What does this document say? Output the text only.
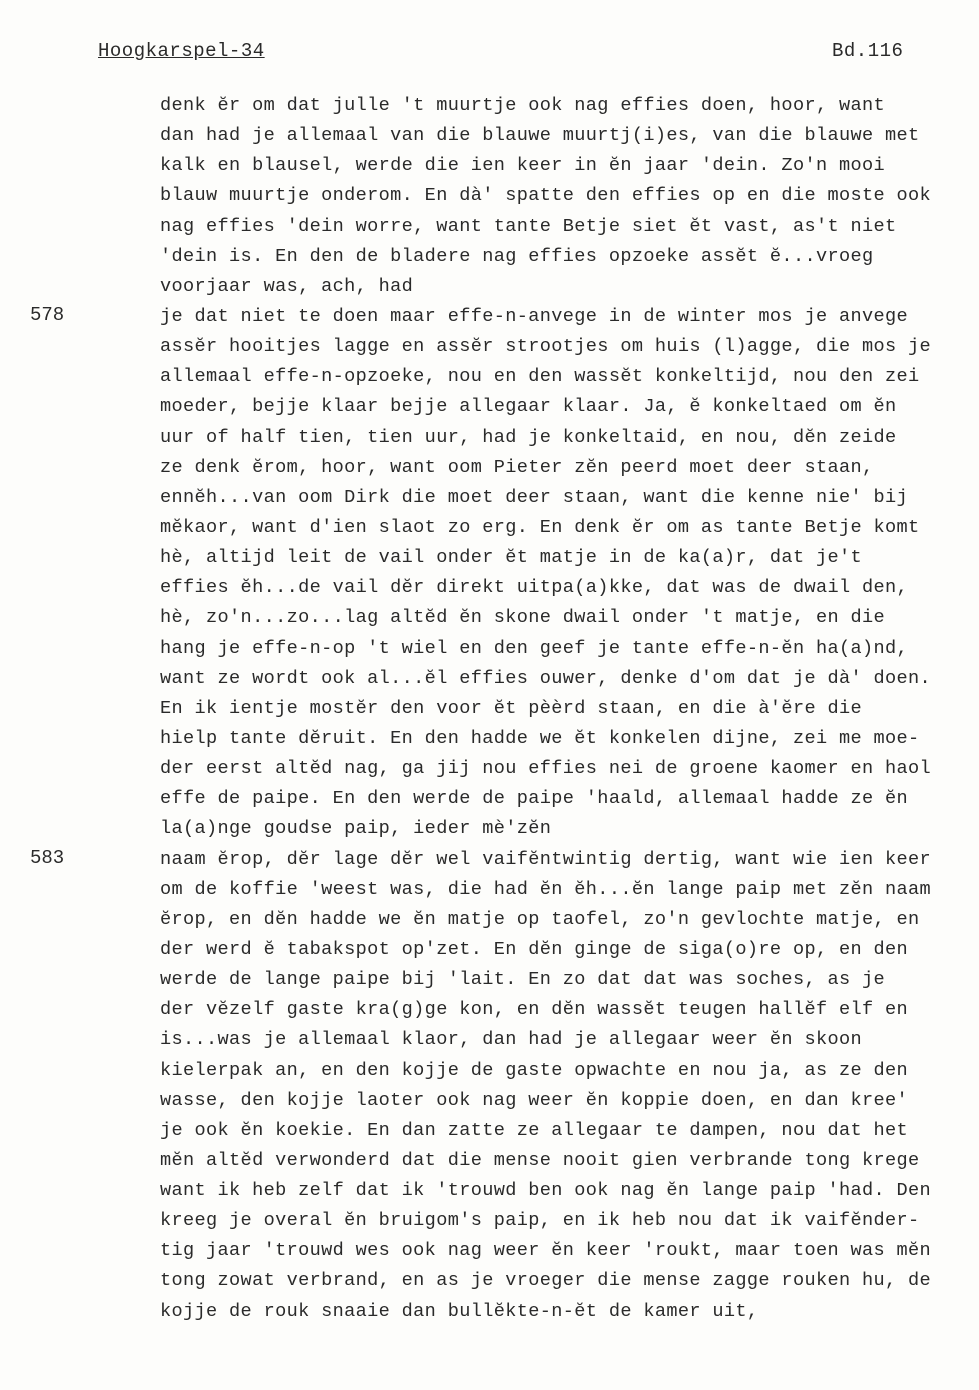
Hoogkarspel-34	Bd.116
578
583
denk ĕr om dat julle 't muurtje ook nag effies doen, hoor, want
dan had je allemaal van die blauwe muurtj(i)es, van die blauwe met
kalk en blausel, werde die ien keer in ĕn jaar 'dein. Zo'n mooi
blauw muurtje onderom. En dà' spatte den effies op en die moste ook
nag effies 'dein worre, want tante Betje siet ĕt vast, as't niet
'dein is. En den de bladere nag effies opzoeke assĕt ĕ...vroeg
voorjaar was, ach, had
je dat niet te doen maar effe-n-anvege in de winter mos je anvege
assĕr hooitjes lagge en assĕr strootjes om huis (l)agge, die mos je
allemaal effe-n-opzoeke, nou en den wassĕt konkeltijd, nou den zei
moeder, bejje klaar bejje allegaar klaar. Ja, ĕ konkeltaed om ĕn
uur of half tien, tien uur, had je konkeltaid, en nou, dĕn zeide
ze denk ĕrom, hoor, want oom Pieter zĕn peerd moet deer staan,
ennĕh...van oom Dirk die moet deer staan, want die kenne nie' bij
mĕkaor, want d'ien slaot zo erg. En denk ĕr om as tante Betje komt
hè, altijd leit de vail onder ĕt matje in de ka(a)r, dat je't
effies ĕh...de vail dĕr direkt uitpa(a)kke, dat was de dwail den,
hè, zo'n...zo...lag altĕd ĕn skone dwail onder 't matje, en die
hang je effe-n-op 't wiel en den geef je tante effe-n-ĕn ha(a)nd,
want ze wordt ook al...ĕl effies ouwer, denke d'om dat je dà' doen.
En ik ientje mostĕr den voor ĕt pèèrd staan, en die à'ĕre die
hielp tante dĕruit. En den hadde we ĕt konkelen dijne, zei me moe-
der eerst altĕd nag, ga jij nou effies nei de groene kaomer en haol
effe de paipe. En den werde de paipe 'haald, allemaal hadde ze ĕn
la(a)nge goudse paip, ieder mè'zĕn
naam ĕrop, dĕr lage dĕr wel vaifĕntwintig dertig, want wie ien keer
om de koffie 'weest was, die had ĕn ĕh...ĕn lange paip met zĕn naam
ĕrop, en dĕn hadde we ĕn matje op taofel, zo'n gevlochte matje, en
der werd ĕ tabakspot op'zet. En dĕn ginge de siga(o)re op, en den
werde de lange paipe bij 'lait. En zo dat dat was soches, as je
der vĕzelf gaste kra(g)ge kon, en dĕn wassĕt teugen hallĕf elf en
is...was je allemaal klaor, dan had je allegaar weer ĕn skoon
kielerpak an, en den kojje de gaste opwachte en nou ja, as ze den
wasse, den kojje laoter ook nag weer ĕn koppie doen, en dan kree'
je ook ĕn koekie. En dan zatte ze allegaar te dampen, nou dat het
mĕn altĕd verwonderd dat die mense nooit gien verbrande tong krege
want ik heb zelf dat ik 'trouwd ben ook nag ĕn lange paip 'had. Den
kreeg je overal ĕn bruigom's paip, en ik heb nou dat ik vaifĕnder-
tig jaar 'trouwd wes ook nag weer ĕn keer 'roukt, maar toen was mĕn
tong zowat verbrand, en as je vroeger die mense zagge rouken hu, de
kojje de rouk snaaie dan bullĕkte-n-ĕt de kamer uit,
